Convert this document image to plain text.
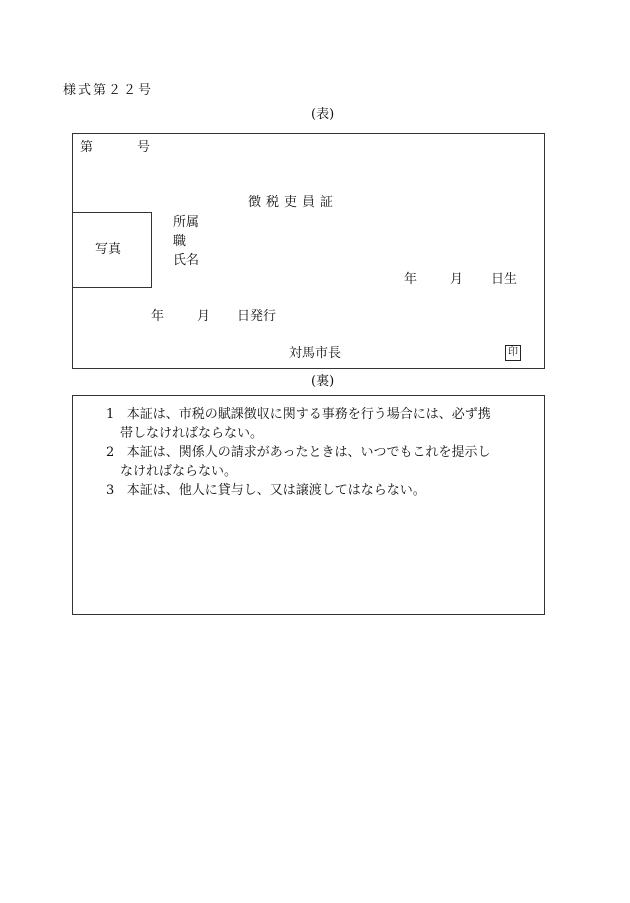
様式第２２号
(表)
第	号
徴税吏員証
写真
所属
職
氏名
年	月 日生
年	月 日発行
対馬市長	印
(裏)
1 本証は、市税の賦課徴収に関する事務を行う場合には、必ず携
帯しなければならない。
2 本証は、関係人の請求があったときは、いつでもこれを提示し
なければならない。
3 本証は、他人に貸与し、又は譲渡してはならない。
